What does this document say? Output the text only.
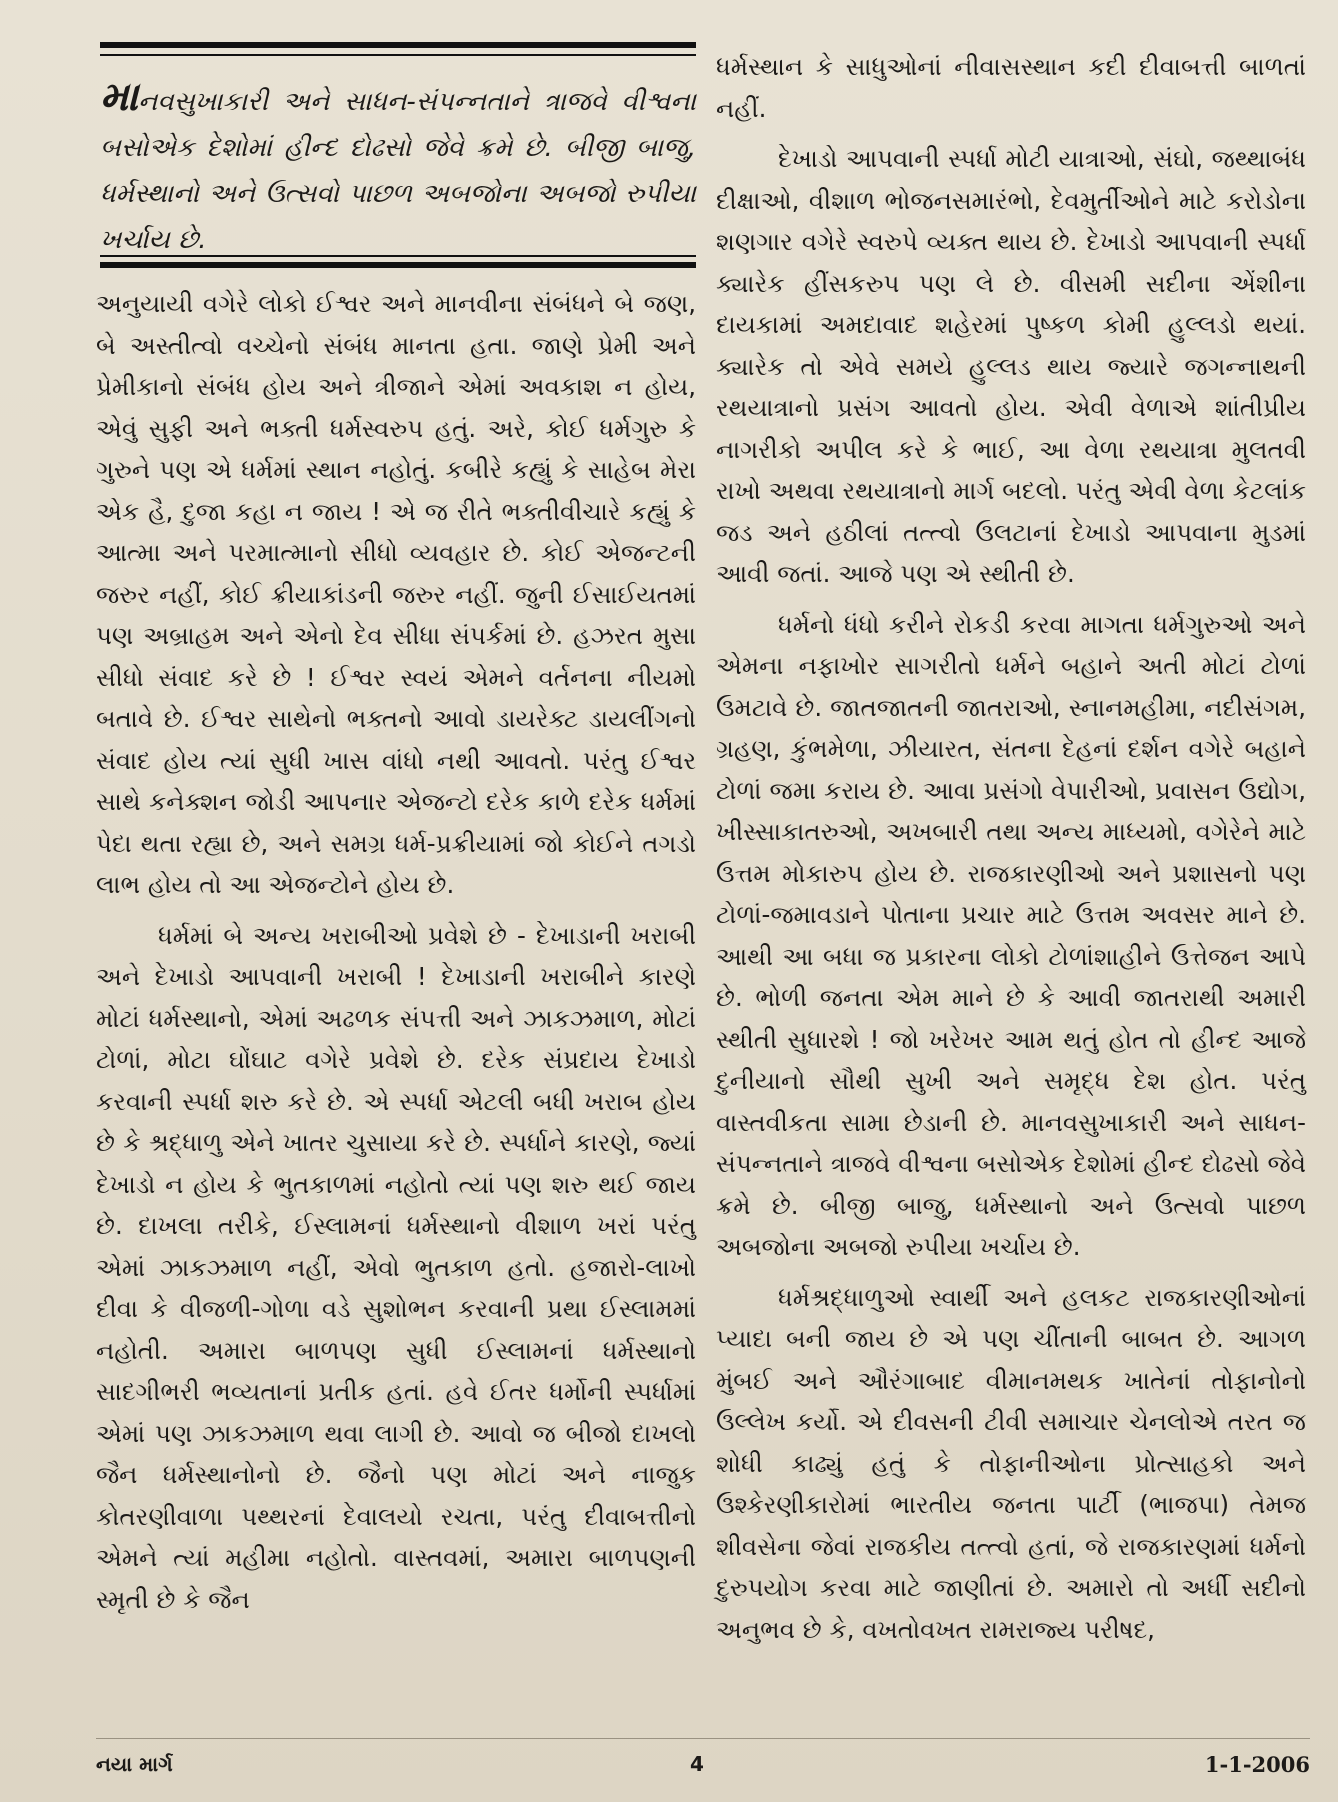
માનવસુખાકારી અને સાધન-સંપન્નતાને ત્રાજવે વીશ્વના બસોએક દેશોમાં હીન્દ દોઢસો જેવે ક્રમે છે. બીજી બાજુ, ધર્મસ્થાનો અને ઉત્સવો પાછળ અબજોના અબજો રુપીયા ખર્ચાય છે.

અનુયાયી વગેરે લોકો ઈશ્વર અને માનવીના સંબંધને બે જણ, બે અસ્તીત્વો વચ્ચેનો સંબંધ માનતા હતા. જાણે પ્રેમી અને પ્રેમીકાનો સંબંધ હોય અને ત્રીજાને એમાં અવકાશ ન હોય, એવું સુફી અને ભક્તી ધર્મસ્વરુપ હતું. અરે, કોઈ ધર્મગુરુ કે ગુરુને પણ એ ધર્મમાં સ્થાન નહોતું. કબીરે કહ્યું કે સાહેબ મેરા એક હૈ, દુજા કહા ન જાય ! એ જ રીતે ભક્તીવીચારે કહ્યું કે આત્મા અને પરમાત્માનો સીધો વ્યવહાર છે. કોઈ એજન્ટની જરુર નહીં, કોઈ ક્રીયાકાંડની જરુર નહીં. જુની ઈસાઈયતમાં પણ અબ્રાહમ અને એનો દેવ સીધા સંપર્કમાં છે. હઝરત મુસા સીધો સંવાદ કરે છે ! ઈશ્વર સ્વયં એમને વર્તનના નીયમો બતાવે છે. ઈશ્વર સાથેનો ભક્તનો આવો ડાયરેક્ટ ડાયલીંગનો સંવાદ હોય ત્યાં સુધી ખાસ વાંધો નથી આવતો. પરંતુ ઈશ્વર સાથે કનેક્શન જોડી આપનાર એજન્ટો દરેક કાળે દરેક ધર્મમાં પેદા થતા રહ્યા છે, અને સમગ્ર ધર્મ-પ્રક્રીયામાં જો કોઈને તગડો લાભ હોય તો આ એજન્ટોને હોય છે.

ધર્મમાં બે અન્ય ખરાબીઓ પ્રવેશે છે - દેખાડાની ખરાબી અને દેખાડો આપવાની ખરાબી ! દેખાડાની ખરાબીને કારણે મોટાં ધર્મસ્થાનો, એમાં અઢળક સંપત્તી અને ઝાકઝમાળ, મોટાં ટોળાં, મોટા ઘોંઘાટ વગેરે પ્રવેશે છે. દરેક સંપ્રદાય દેખાડો કરવાની સ્પર્ધા શરુ કરે છે. એ સ્પર્ધા એટલી બધી ખરાબ હોય છે કે શ્રદ્ધાળુ એને ખાતર ચુસાયા કરે છે. સ્પર્ધાને કારણે, જ્યાં દેખાડો ન હોય કે ભુતકાળમાં નહોતો ત્યાં પણ શરુ થઈ જાય છે. દાખલા તરીકે, ઈસ્લામનાં ધર્મસ્થાનો વીશાળ ખરાં પરંતુ એમાં ઝાકઝમાળ નહીં, એવો ભુતકાળ હતો. હજારો-લાખો દીવા કે વીજળી-ગોળા વડે સુશોભન કરવાની પ્રથા ઈસ્લામમાં નહોતી. અમારા બાળપણ સુધી ઈસ્લામનાં ધર્મસ્થાનો સાદગીભરી ભવ્યતાનાં પ્રતીક હતાં. હવે ઈતર ધર્મોની સ્પર્ધામાં એમાં પણ ઝાકઝમાળ થવા લાગી છે. આવો જ બીજો દાખલો જૈન ધર્મસ્થાનોનો છે. જૈનો પણ મોટાં અને નાજુક કોતરણીવાળા પથ્થરનાં દેવાલયો રચતા, પરંતુ દીવાબત્તીનો એમને ત્યાં મહીમા નહોતો. વાસ્તવમાં, અમારા બાળપણની સ્મૃતી છે કે જૈન

ધર્મસ્થાન કે સાધુઓનાં નીવાસસ્થાન કદી દીવાબત્તી બાળતાં નહીં.

દેખાડો આપવાની સ્પર્ધા મોટી યાત્રાઓ, સંઘો, જથ્થાબંધ દીક્ષાઓ, વીશાળ ભોજનસમારંભો, દેવમુર્તીઓને માટે કરોડોના શણગાર વગેરે સ્વરુપે વ્યક્ત થાય છે. દેખાડો આપવાની સ્પર્ધા ક્યારેક હીંસકરુપ પણ લે છે. વીસમી સદીના એંશીના દાયકામાં અમદાવાદ શહેરમાં પુષ્કળ કોમી હુલ્લડો થયાં. ક્યારેક તો એવે સમયે હુલ્લડ થાય જ્યારે જગન્નાથની રથયાત્રાનો પ્રસંગ આવતો હોય. એવી વેળાએ શાંતીપ્રીય નાગરીકો અપીલ કરે કે ભાઈ, આ વેળા રથયાત્રા મુલતવી રાખો અથવા રથયાત્રાનો માર્ગ બદલો. પરંતુ એવી વેળા કેટલાંક જડ અને હઠીલાં તત્ત્વો ઉલટાનાં દેખાડો આપવાના મુડમાં આવી જતાં. આજે પણ એ સ્થીતી છે.

ધર્મનો ધંધો કરીને રોકડી કરવા માગતા ધર્મગુરુઓ અને એમના નફાખોર સાગરીતો ધર્મને બહાને અતી મોટાં ટોળાં ઉમટાવે છે. જાતજાતની જાતરાઓ, સ્નાનમહીમા, નદીસંગમ, ગ્રહણ, કુંભમેળા, ઝીયારત, સંતના દેહનાં દર્શન વગેરે બહાને ટોળાં જમા કરાય છે. આવા પ્રસંગો વેપારીઓ, પ્રવાસન ઉદ્યોગ, ખીસ્સાકાતરુઓ, અખબારી તથા અન્ય માધ્યમો, વગેરેને માટે ઉત્તમ મોકારુપ હોય છે. રાજકારણીઓ અને પ્રશાસનો પણ ટોળાં-જમાવડાને પોતાના પ્રચાર માટે ઉત્તમ અવસર માને છે. આથી આ બધા જ પ્રકારના લોકો ટોળાંશાહીને ઉત્તેજન આપે છે. ભોળી જનતા એમ માને છે કે આવી જાતરાથી અમારી સ્થીતી સુધારશે ! જો ખરેખર આમ થતું હોત તો હીન્દ આજે દુનીયાનો સૌથી સુખી અને સમૃદ્ધ દેશ હોત. પરંતુ વાસ્તવીકતા સામા છેડાની છે. માનવસુખાકારી અને સાધન-સંપન્નતાને ત્રાજવે વીશ્વના બસોએક દેશોમાં હીન્દ દોઢસો જેવે ક્રમે છે. બીજી બાજુ, ધર્મસ્થાનો અને ઉત્સવો પાછળ અબજોના અબજો રુપીયા ખર્ચાય છે.

ધર્મશ્રદ્ધાળુઓ સ્વાર્થી અને હલકટ રાજકારણીઓનાં પ્યાદા બની જાય છે એ પણ ચીંતાની બાબત છે. આગળ મુંબઈ અને ઔરંગાબાદ વીમાનમથક ખાતેનાં તોફાનોનો ઉલ્લેખ કર્યો. એ દીવસની ટીવી સમાચાર ચેનલોએ તરત જ શોધી કાઢ્યું હતું કે તોફાનીઓના પ્રોત્સાહકો અને ઉશ્કેરણીકારોમાં ભારતીય જનતા પાર્ટી (ભાજપા) તેમજ શીવસેના જેવાં રાજકીય તત્ત્વો હતાં, જે રાજકારણમાં ધર્મનો દુરુપયોગ કરવા માટે જાણીતાં છે. અમારો તો અર્ધી સદીનો અનુભવ છે કે, વખતોવખત રામરાજ્ય પરીષદ,

નયા માર્ગ	4	1-1-2006
